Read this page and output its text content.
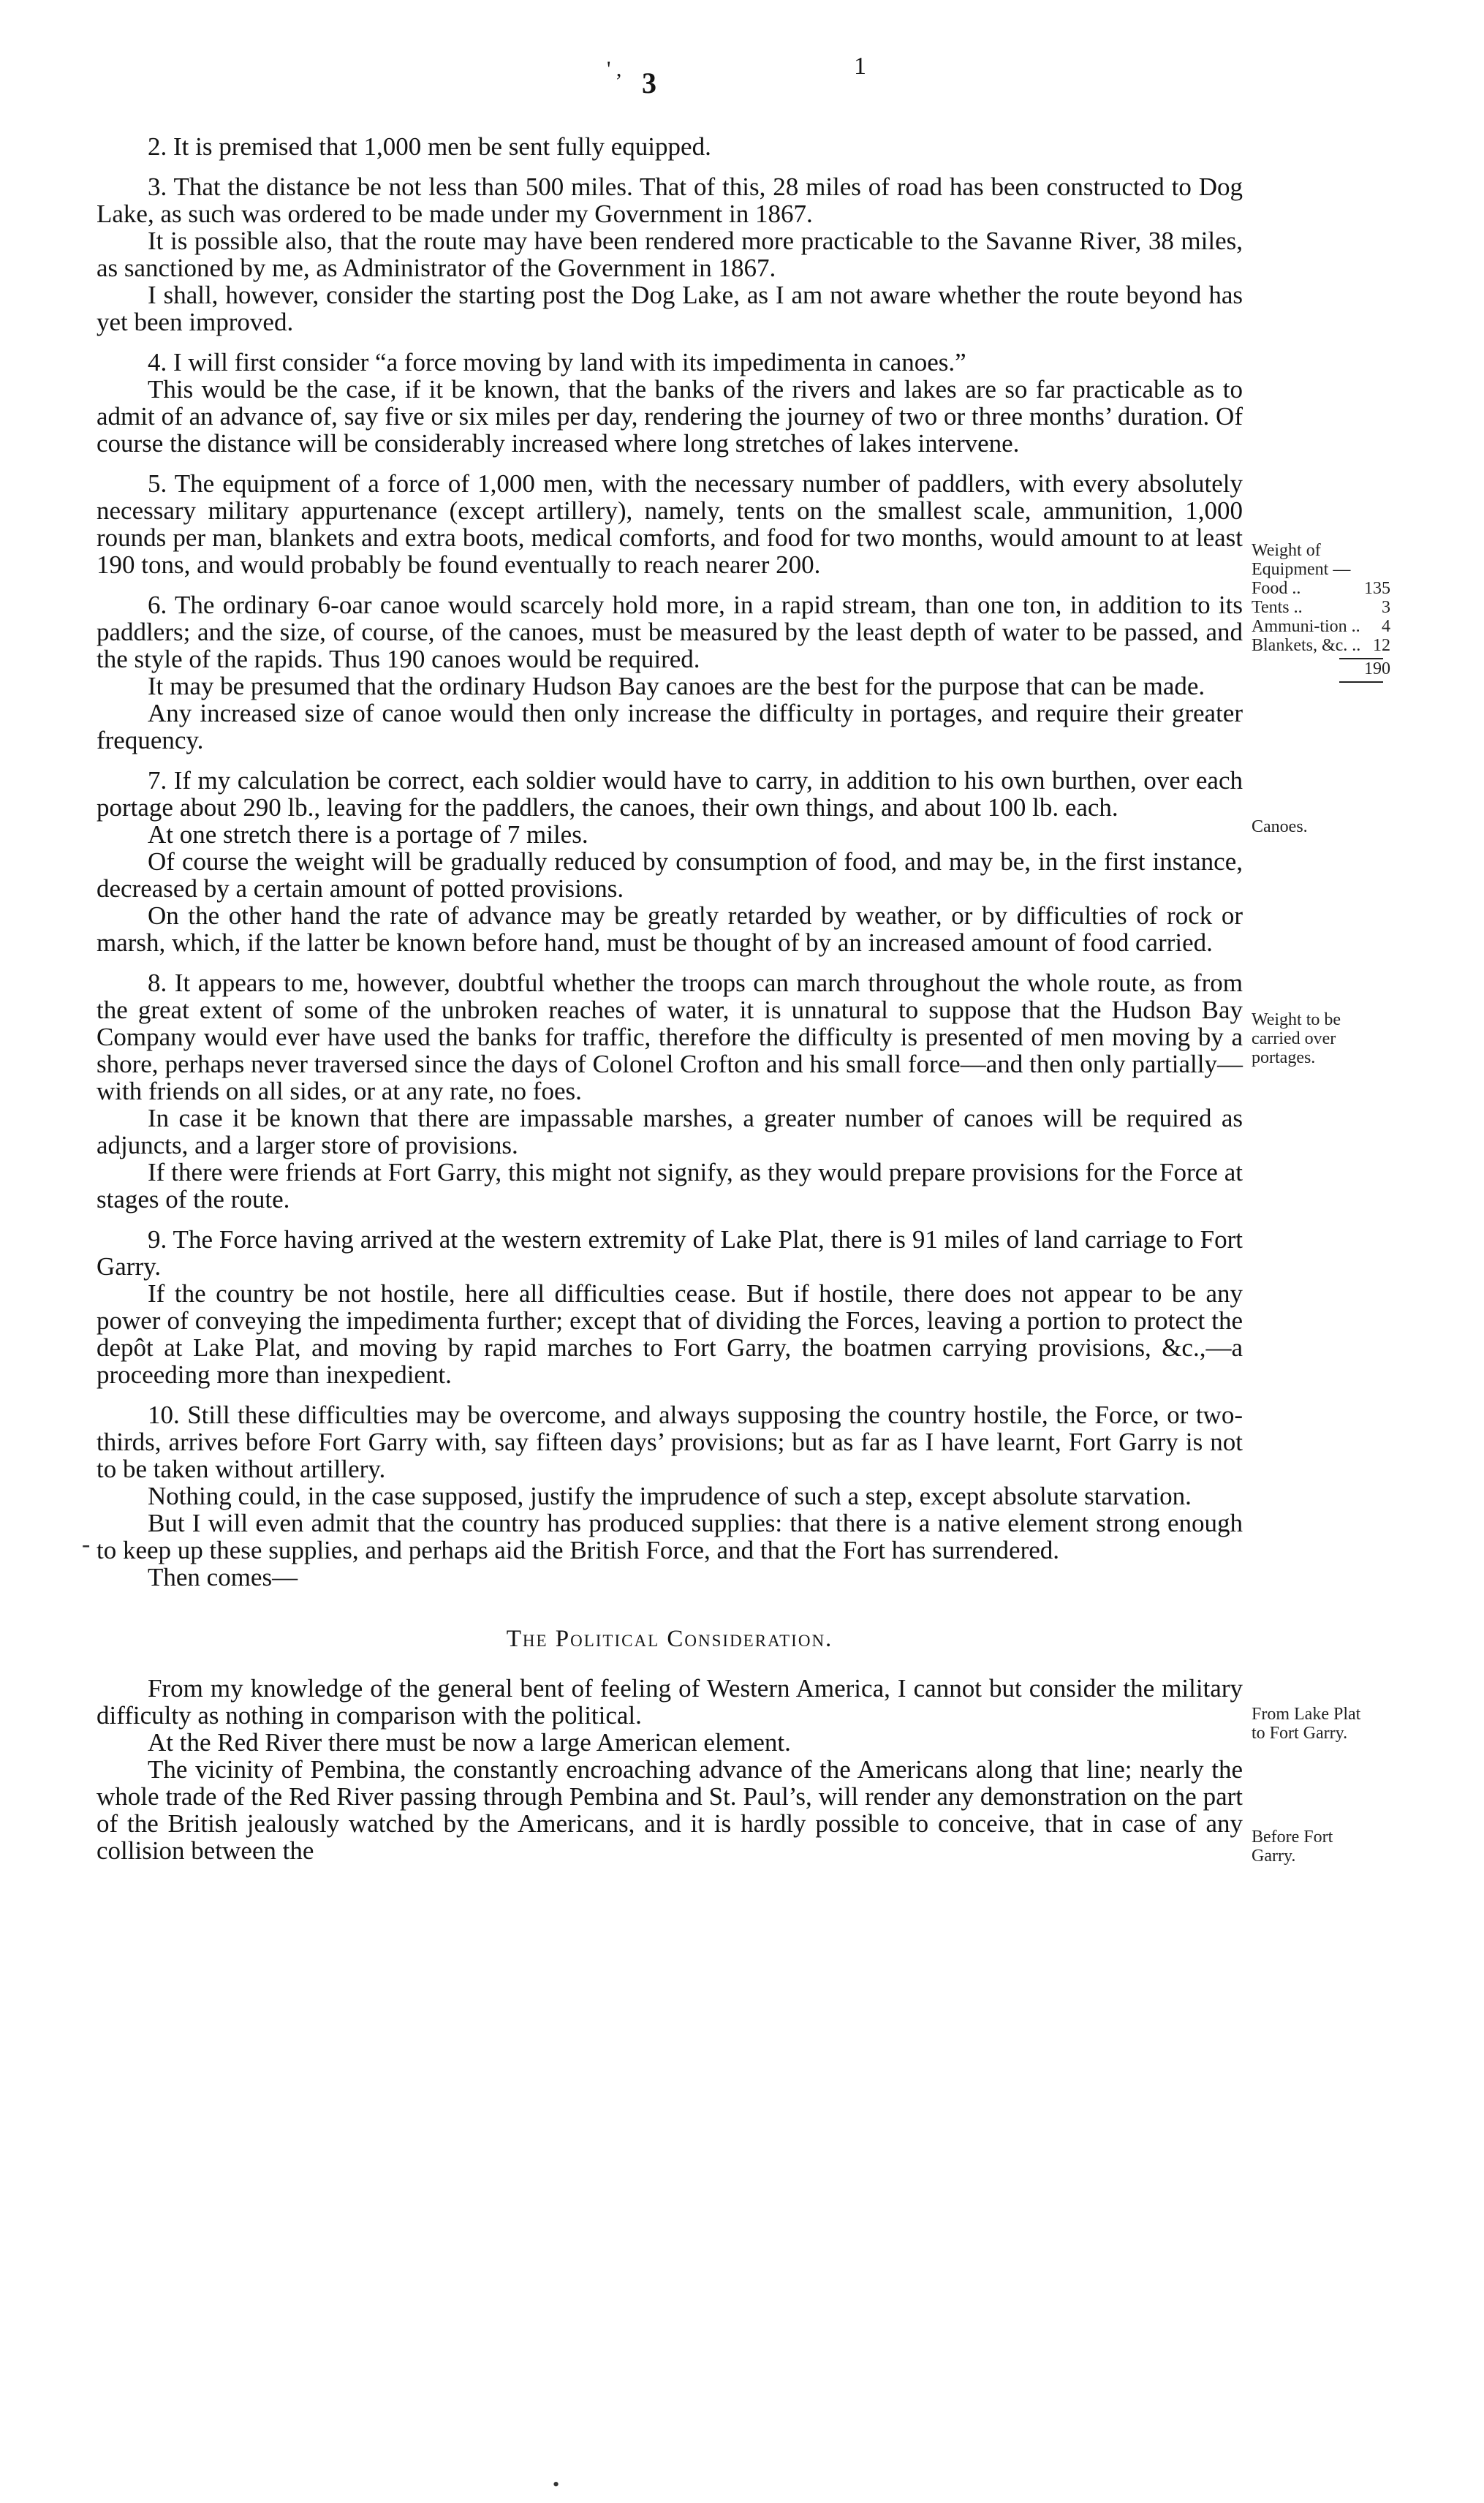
' , 3
1

2. It is premised that 1,000 men be sent fully equipped.

3. That the distance be not less than 500 miles. That of this, 28 miles of road has been constructed to Dog Lake, as such was ordered to be made under my Government in 1867.

It is possible also, that the route may have been rendered more practicable to the Savanne River, 38 miles, as sanctioned by me, as Administrator of the Government in 1867.

I shall, however, consider the starting post the Dog Lake, as I am not aware whether the route beyond has yet been improved.

4. I will first consider “a force moving by land with its impedimenta in canoes.”

This would be the case, if it be known, that the banks of the rivers and lakes are so far practicable as to admit of an advance of, say five or six miles per day, rendering the journey of two or three months’ duration. Of course the distance will be considerably increased where long stretches of lakes intervene.

5. The equipment of a force of 1,000 men, with the necessary number of paddlers, with every absolutely necessary military appurtenance (except artillery), namely, tents on the smallest scale, ammunition, 1,000 rounds per man, blankets and extra boots, medical comforts, and food for two months, would amount to at least 190 tons, and would probably be found eventually to reach nearer 200.

6. The ordinary 6-oar canoe would scarcely hold more, in a rapid stream, than one ton, in addition to its paddlers; and the size, of course, of the canoes, must be measured by the least depth of water to be passed, and the style of the rapids. Thus 190 canoes would be required.

It may be presumed that the ordinary Hudson Bay canoes are the best for the purpose that can be made.

Any increased size of canoe would then only increase the difficulty in portages, and require their greater frequency.

7. If my calculation be correct, each soldier would have to carry, in addition to his own burthen, over each portage about 290 lb., leaving for the paddlers, the canoes, their own things, and about 100 lb. each.

At one stretch there is a portage of 7 miles.

Of course the weight will be gradually reduced by consumption of food, and may be, in the first instance, decreased by a certain amount of potted provisions.

On the other hand the rate of advance may be greatly retarded by weather, or by difficulties of rock or marsh, which, if the latter be known before hand, must be thought of by an increased amount of food carried.

8. It appears to me, however, doubtful whether the troops can march throughout the whole route, as from the great extent of some of the unbroken reaches of water, it is unnatural to suppose that the Hudson Bay Company would ever have used the banks for traffic, therefore the difficulty is presented of men moving by a shore, perhaps never traversed since the days of Colonel Crofton and his small force—and then only partially—with friends on all sides, or at any rate, no foes.

In case it be known that there are impassable marshes, a greater number of canoes will be required as adjuncts, and a larger store of provisions.

If there were friends at Fort Garry, this might not signify, as they would prepare provisions for the Force at stages of the route.

9. The Force having arrived at the western extremity of Lake Plat, there is 91 miles of land carriage to Fort Garry.

If the country be not hostile, here all difficulties cease. But if hostile, there does not appear to be any power of conveying the impedimenta further; except that of dividing the Forces, leaving a portion to protect the depôt at Lake Plat, and moving by rapid marches to Fort Garry, the boatmen carrying provisions, &c.,—a proceeding more than inexpedient.

10. Still these difficulties may be overcome, and always supposing the country hostile, the Force, or two-thirds, arrives before Fort Garry with, say fifteen days’ provisions; but as far as I have learnt, Fort Garry is not to be taken without artillery.

Nothing could, in the case supposed, justify the imprudence of such a step, except absolute starvation.

But I will even admit that the country has produced supplies: that there is a native element strong enough to keep up these supplies, and perhaps aid the British Force, and that the Fort has surrendered.

Then comes—

The Political Consideration.

From my knowledge of the general bent of feeling of Western America, I cannot but consider the military difficulty as nothing in comparison with the political.

At the Red River there must be now a large American element.

The vicinity of Pembina, the constantly encroaching advance of the Americans along that line; nearly the whole trade of the Red River passing through Pembina and St. Paul’s, will render any demonstration on the part of the British jealously watched by the Americans, and it is hardly possible to conceive, that in case of any collision between the

Weight of Equipment —
Food ..	135
Tents ..	3
Ammuni-tion .. 4
Blankets, &c. .. 12
190
Canoes.
Weight to be carried over portages.
From Lake Plat to Fort Garry.
Before Fort Garry.
-
•
